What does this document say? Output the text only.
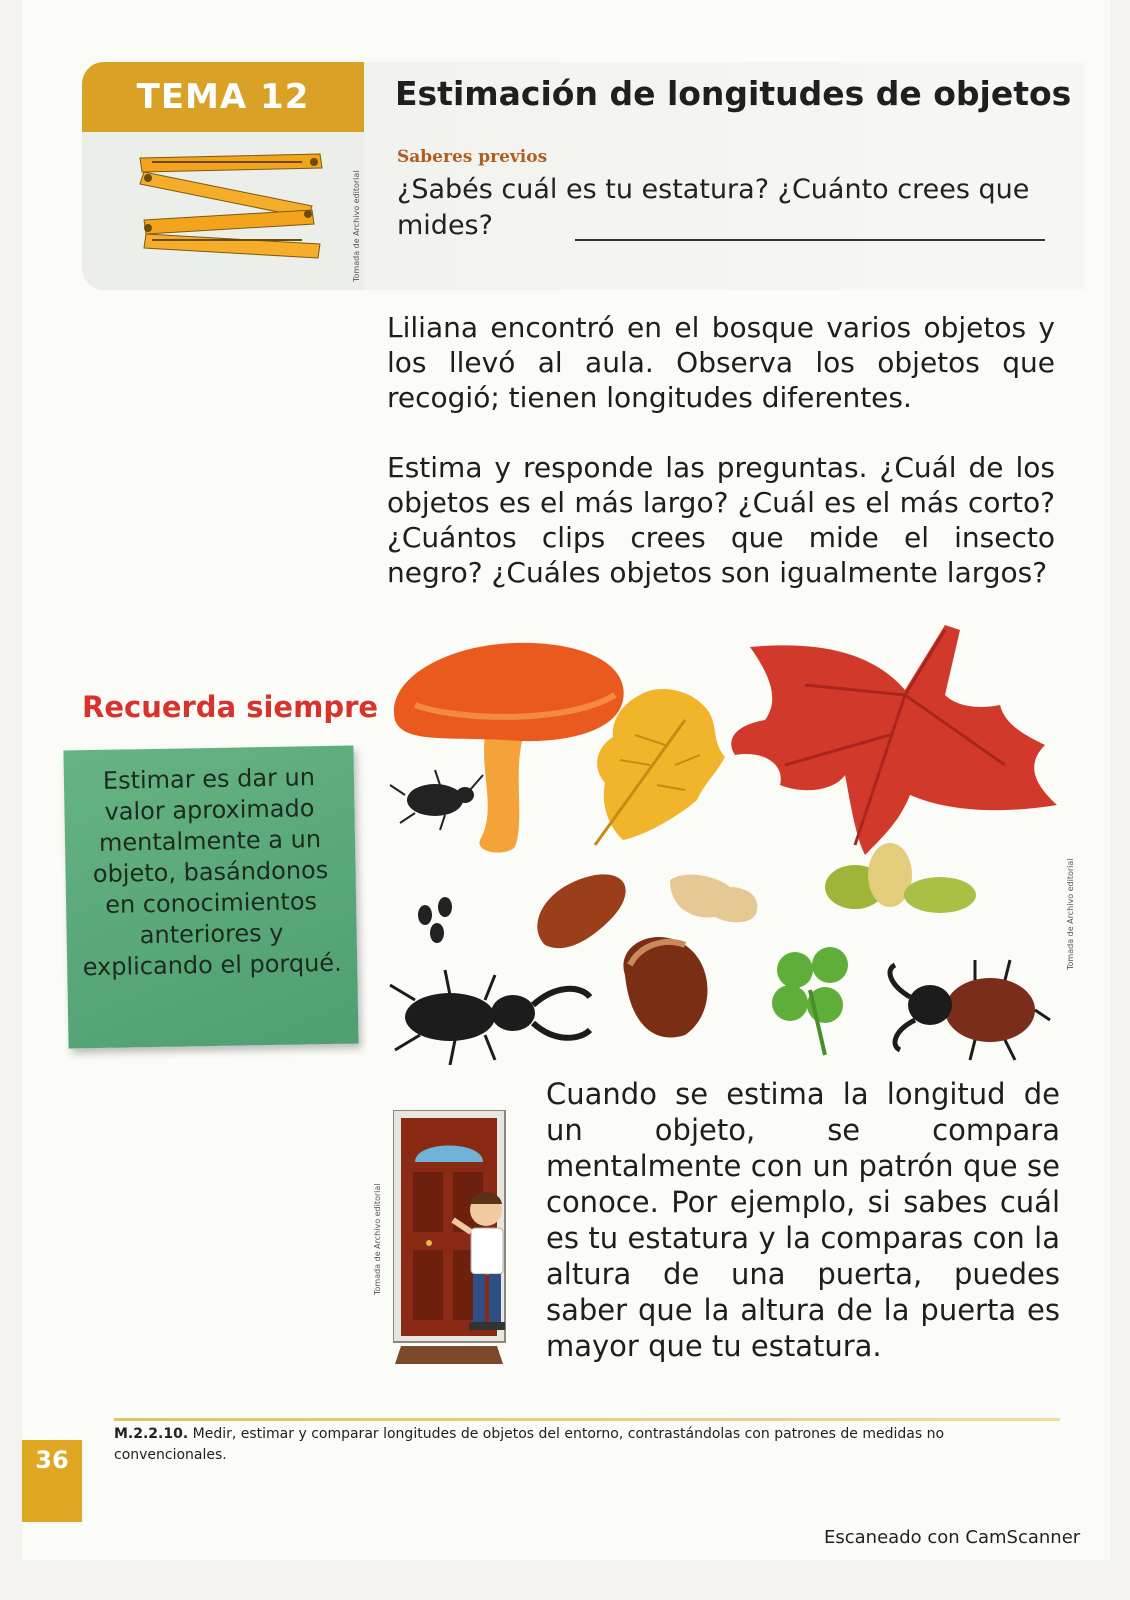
TEMA 12
Tomada de Archivo editorial
Estimación de longitudes de objetos
Saberes previos
¿Sabés cuál es tu estatura? ¿Cuánto crees que mides?
Liliana encontró en el bosque varios objetos y los llevó al aula. Observa los objetos que recogió; tienen longitudes diferentes.
Estima y responde las preguntas. ¿Cuál de los objetos es el más largo? ¿Cuál es el más corto? ¿Cuántos clips crees que mide el insecto negro? ¿Cuáles objetos son igualmente largos?
Tomada de Archivo editorial
Recuerda siempre
Estimar es dar un valor aproximado mentalmente a un objeto, basándonos en conocimientos anteriores y explicando el porqué.
Tomada de Archivo editorial
Cuando se estima la longitud de un objeto, se compara mentalmente con un patrón que se conoce. Por ejemplo, si sabes cuál es tu estatura y la comparas con la altura de una puerta, puedes saber que la altura de la puerta es mayor que tu estatura.
36
M.2.2.10. Medir, estimar y comparar longitudes de objetos del entorno, contrastándolas con patrones de medidas no convencionales.
Escaneado con CamScanner
